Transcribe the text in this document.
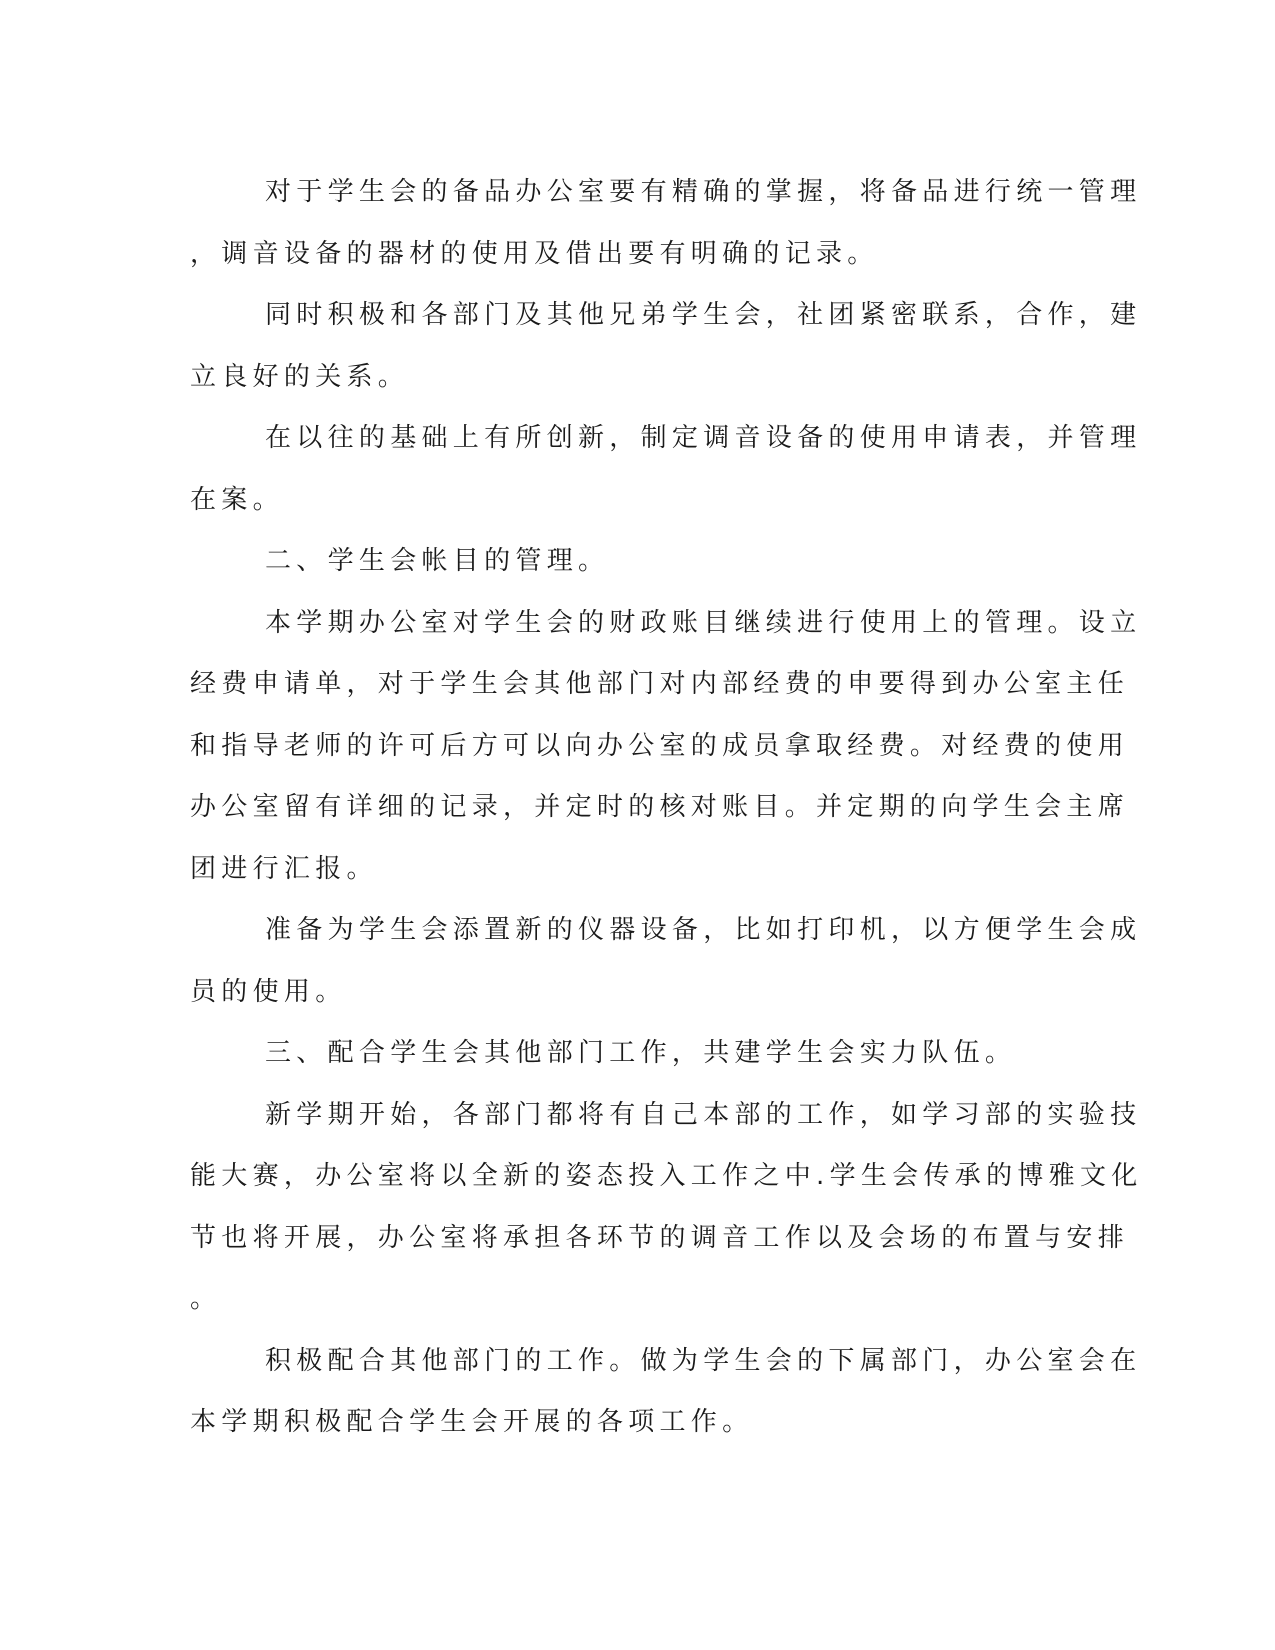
对于学生会的备品办公室要有精确的掌握，将备品进行统一管理
，调音设备的器材的使用及借出要有明确的记录。
同时积极和各部门及其他兄弟学生会，社团紧密联系，合作，建
立良好的关系。
在以往的基础上有所创新，制定调音设备的使用申请表，并管理
在案。
二、学生会帐目的管理。
本学期办公室对学生会的财政账目继续进行使用上的管理。设立
经费申请单，对于学生会其他部门对内部经费的申要得到办公室主任
和指导老师的许可后方可以向办公室的成员拿取经费。对经费的使用
办公室留有详细的记录，并定时的核对账目。并定期的向学生会主席
团进行汇报。
准备为学生会添置新的仪器设备，比如打印机，以方便学生会成
员的使用。
三、配合学生会其他部门工作，共建学生会实力队伍。
新学期开始，各部门都将有自己本部的工作，如学习部的实验技
能大赛，办公室将以全新的姿态投入工作之中.学生会传承的博雅文化
节也将开展，办公室将承担各环节的调音工作以及会场的布置与安排
。
积极配合其他部门的工作。做为学生会的下属部门，办公室会在
本学期积极配合学生会开展的各项工作。
